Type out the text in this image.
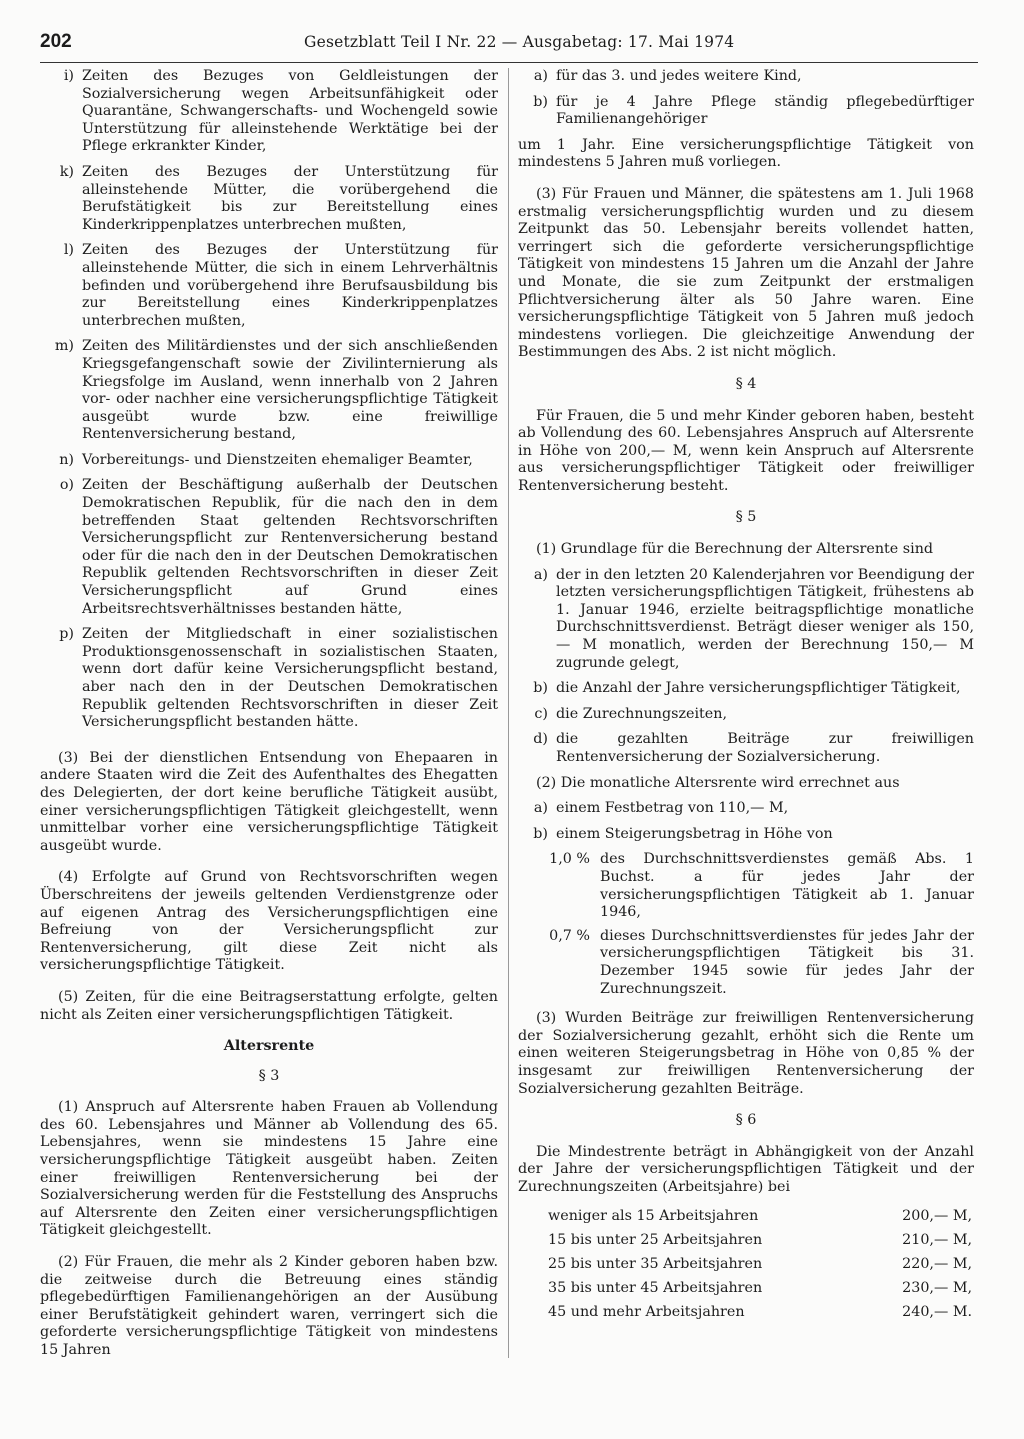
202	Gesetzblatt Teil I Nr. 22 — Ausgabetag: 17. Mai 1974
i) Zeiten des Bezuges von Geldleistungen der Sozialversicherung wegen Arbeitsunfähigkeit oder Quarantäne, Schwangerschafts- und Wochengeld sowie Unterstützung für alleinstehende Werktätige bei der Pflege erkrankter Kinder,
k) Zeiten des Bezuges der Unterstützung für alleinstehende Mütter, die vorübergehend die Berufstätigkeit bis zur Bereitstellung eines Kinderkrippenplatzes unterbrechen mußten,
l) Zeiten des Bezuges der Unterstützung für alleinstehende Mütter, die sich in einem Lehrverhältnis befinden und vorübergehend ihre Berufsausbildung bis zur Bereitstellung eines Kinderkrippenplatzes unterbrechen mußten,
m) Zeiten des Militärdienstes und der sich anschließenden Kriegsgefangenschaft sowie der Zivilinternierung als Kriegsfolge im Ausland, wenn innerhalb von 2 Jahren vor- oder nachher eine versicherungspflichtige Tätigkeit ausgeübt wurde bzw. eine freiwillige Rentenversicherung bestand,
n) Vorbereitungs- und Dienstzeiten ehemaliger Beamter,
o) Zeiten der Beschäftigung außerhalb der Deutschen Demokratischen Republik, für die nach den in dem betreffenden Staat geltenden Rechtsvorschriften Versicherungspflicht zur Rentenversicherung bestand oder für die nach den in der Deutschen Demokratischen Republik geltenden Rechtsvorschriften in dieser Zeit Versicherungspflicht auf Grund eines Arbeitsrechtsverhältnisses bestanden hätte,
p) Zeiten der Mitgliedschaft in einer sozialistischen Produktionsgenossenschaft in sozialistischen Staaten, wenn dort dafür keine Versicherungspflicht bestand, aber nach den in der Deutschen Demokratischen Republik geltenden Rechtsvorschriften in dieser Zeit Versicherungspflicht bestanden hätte.

(3) Bei der dienstlichen Entsendung von Ehepaaren in andere Staaten wird die Zeit des Aufenthaltes des Ehegatten des Delegierten, der dort keine berufliche Tätigkeit ausübt, einer versicherungspflichtigen Tätigkeit gleichgestellt, wenn unmittelbar vorher eine versicherungspflichtige Tätigkeit ausgeübt wurde.

(4) Erfolgte auf Grund von Rechtsvorschriften wegen Überschreitens der jeweils geltenden Verdienstgrenze oder auf eigenen Antrag des Versicherungspflichtigen eine Befreiung von der Versicherungspflicht zur Rentenversicherung, gilt diese Zeit nicht als versicherungspflichtige Tätigkeit.

(5) Zeiten, für die eine Beitragserstattung erfolgte, gelten nicht als Zeiten einer versicherungspflichtigen Tätigkeit.

Altersrente
§ 3

(1) Anspruch auf Altersrente haben Frauen ab Vollendung des 60. Lebensjahres und Männer ab Vollendung des 65. Lebensjahres, wenn sie mindestens 15 Jahre eine versicherungspflichtige Tätigkeit ausgeübt haben. Zeiten einer freiwilligen Rentenversicherung bei der Sozialversicherung werden für die Feststellung des Anspruchs auf Altersrente den Zeiten einer versicherungspflichtigen Tätigkeit gleichgestellt.

(2) Für Frauen, die mehr als 2 Kinder geboren haben bzw. die zeitweise durch die Betreuung eines ständig pflegebedürftigen Familienangehörigen an der Ausübung einer Berufstätigkeit gehindert waren, verringert sich die geforderte versicherungspflichtige Tätigkeit von mindestens 15 Jahren

a) für das 3. und jedes weitere Kind,
b) für je 4 Jahre Pflege ständig pflegebedürftiger Familienangehöriger

um 1 Jahr. Eine versicherungspflichtige Tätigkeit von mindestens 5 Jahren muß vorliegen.

(3) Für Frauen und Männer, die spätestens am 1. Juli 1968 erstmalig versicherungspflichtig wurden und zu diesem Zeitpunkt das 50. Lebensjahr bereits vollendet hatten, verringert sich die geforderte versicherungspflichtige Tätigkeit von mindestens 15 Jahren um die Anzahl der Jahre und Monate, die sie zum Zeitpunkt der erstmaligen Pflichtversicherung älter als 50 Jahre waren. Eine versicherungspflichtige Tätigkeit von 5 Jahren muß jedoch mindestens vorliegen. Die gleichzeitige Anwendung der Bestimmungen des Abs. 2 ist nicht möglich.

§ 4

Für Frauen, die 5 und mehr Kinder geboren haben, besteht ab Vollendung des 60. Lebensjahres Anspruch auf Altersrente in Höhe von 200,— M, wenn kein Anspruch auf Altersrente aus versicherungspflichtiger Tätigkeit oder freiwilliger Rentenversicherung besteht.

§ 5

(1) Grundlage für die Berechnung der Altersrente sind

a) der in den letzten 20 Kalenderjahren vor Beendigung der letzten versicherungspflichtigen Tätigkeit, frühestens ab 1. Januar 1946, erzielte beitragspflichtige monatliche Durchschnittsverdienst. Beträgt dieser weniger als 150,— M monatlich, werden der Berechnung 150,— M zugrunde gelegt,
b) die Anzahl der Jahre versicherungspflichtiger Tätigkeit,
c) die Zurechnungszeiten,
d) die gezahlten Beiträge zur freiwilligen Rentenversicherung der Sozialversicherung.

(2) Die monatliche Altersrente wird errechnet aus

a) einem Festbetrag von 110,— M,
b) einem Steigerungsbetrag in Höhe von
1,0 % des Durchschnittsverdienstes gemäß Abs. 1 Buchst. a für jedes Jahr der versicherungspflichtigen Tätigkeit ab 1. Januar 1946,
0,7 % dieses Durchschnittsverdienstes für jedes Jahr der versicherungspflichtigen Tätigkeit bis 31. Dezember 1945 sowie für jedes Jahr der Zurechnungszeit.

(3) Wurden Beiträge zur freiwilligen Rentenversicherung der Sozialversicherung gezahlt, erhöht sich die Rente um einen weiteren Steigerungsbetrag in Höhe von 0,85 % der insgesamt zur freiwilligen Rentenversicherung der Sozialversicherung gezahlten Beiträge.

§ 6

Die Mindestrente beträgt in Abhängigkeit von der Anzahl der Jahre der versicherungspflichtigen Tätigkeit und der Zurechnungszeiten (Arbeitsjahre) bei

weniger als 15 Arbeitsjahren	200,— M,
15 bis unter 25 Arbeitsjahren	210,— M,
25 bis unter 35 Arbeitsjahren	220,— M,
35 bis unter 45 Arbeitsjahren	230,— M,
45 und mehr Arbeitsjahren	240,— M.
